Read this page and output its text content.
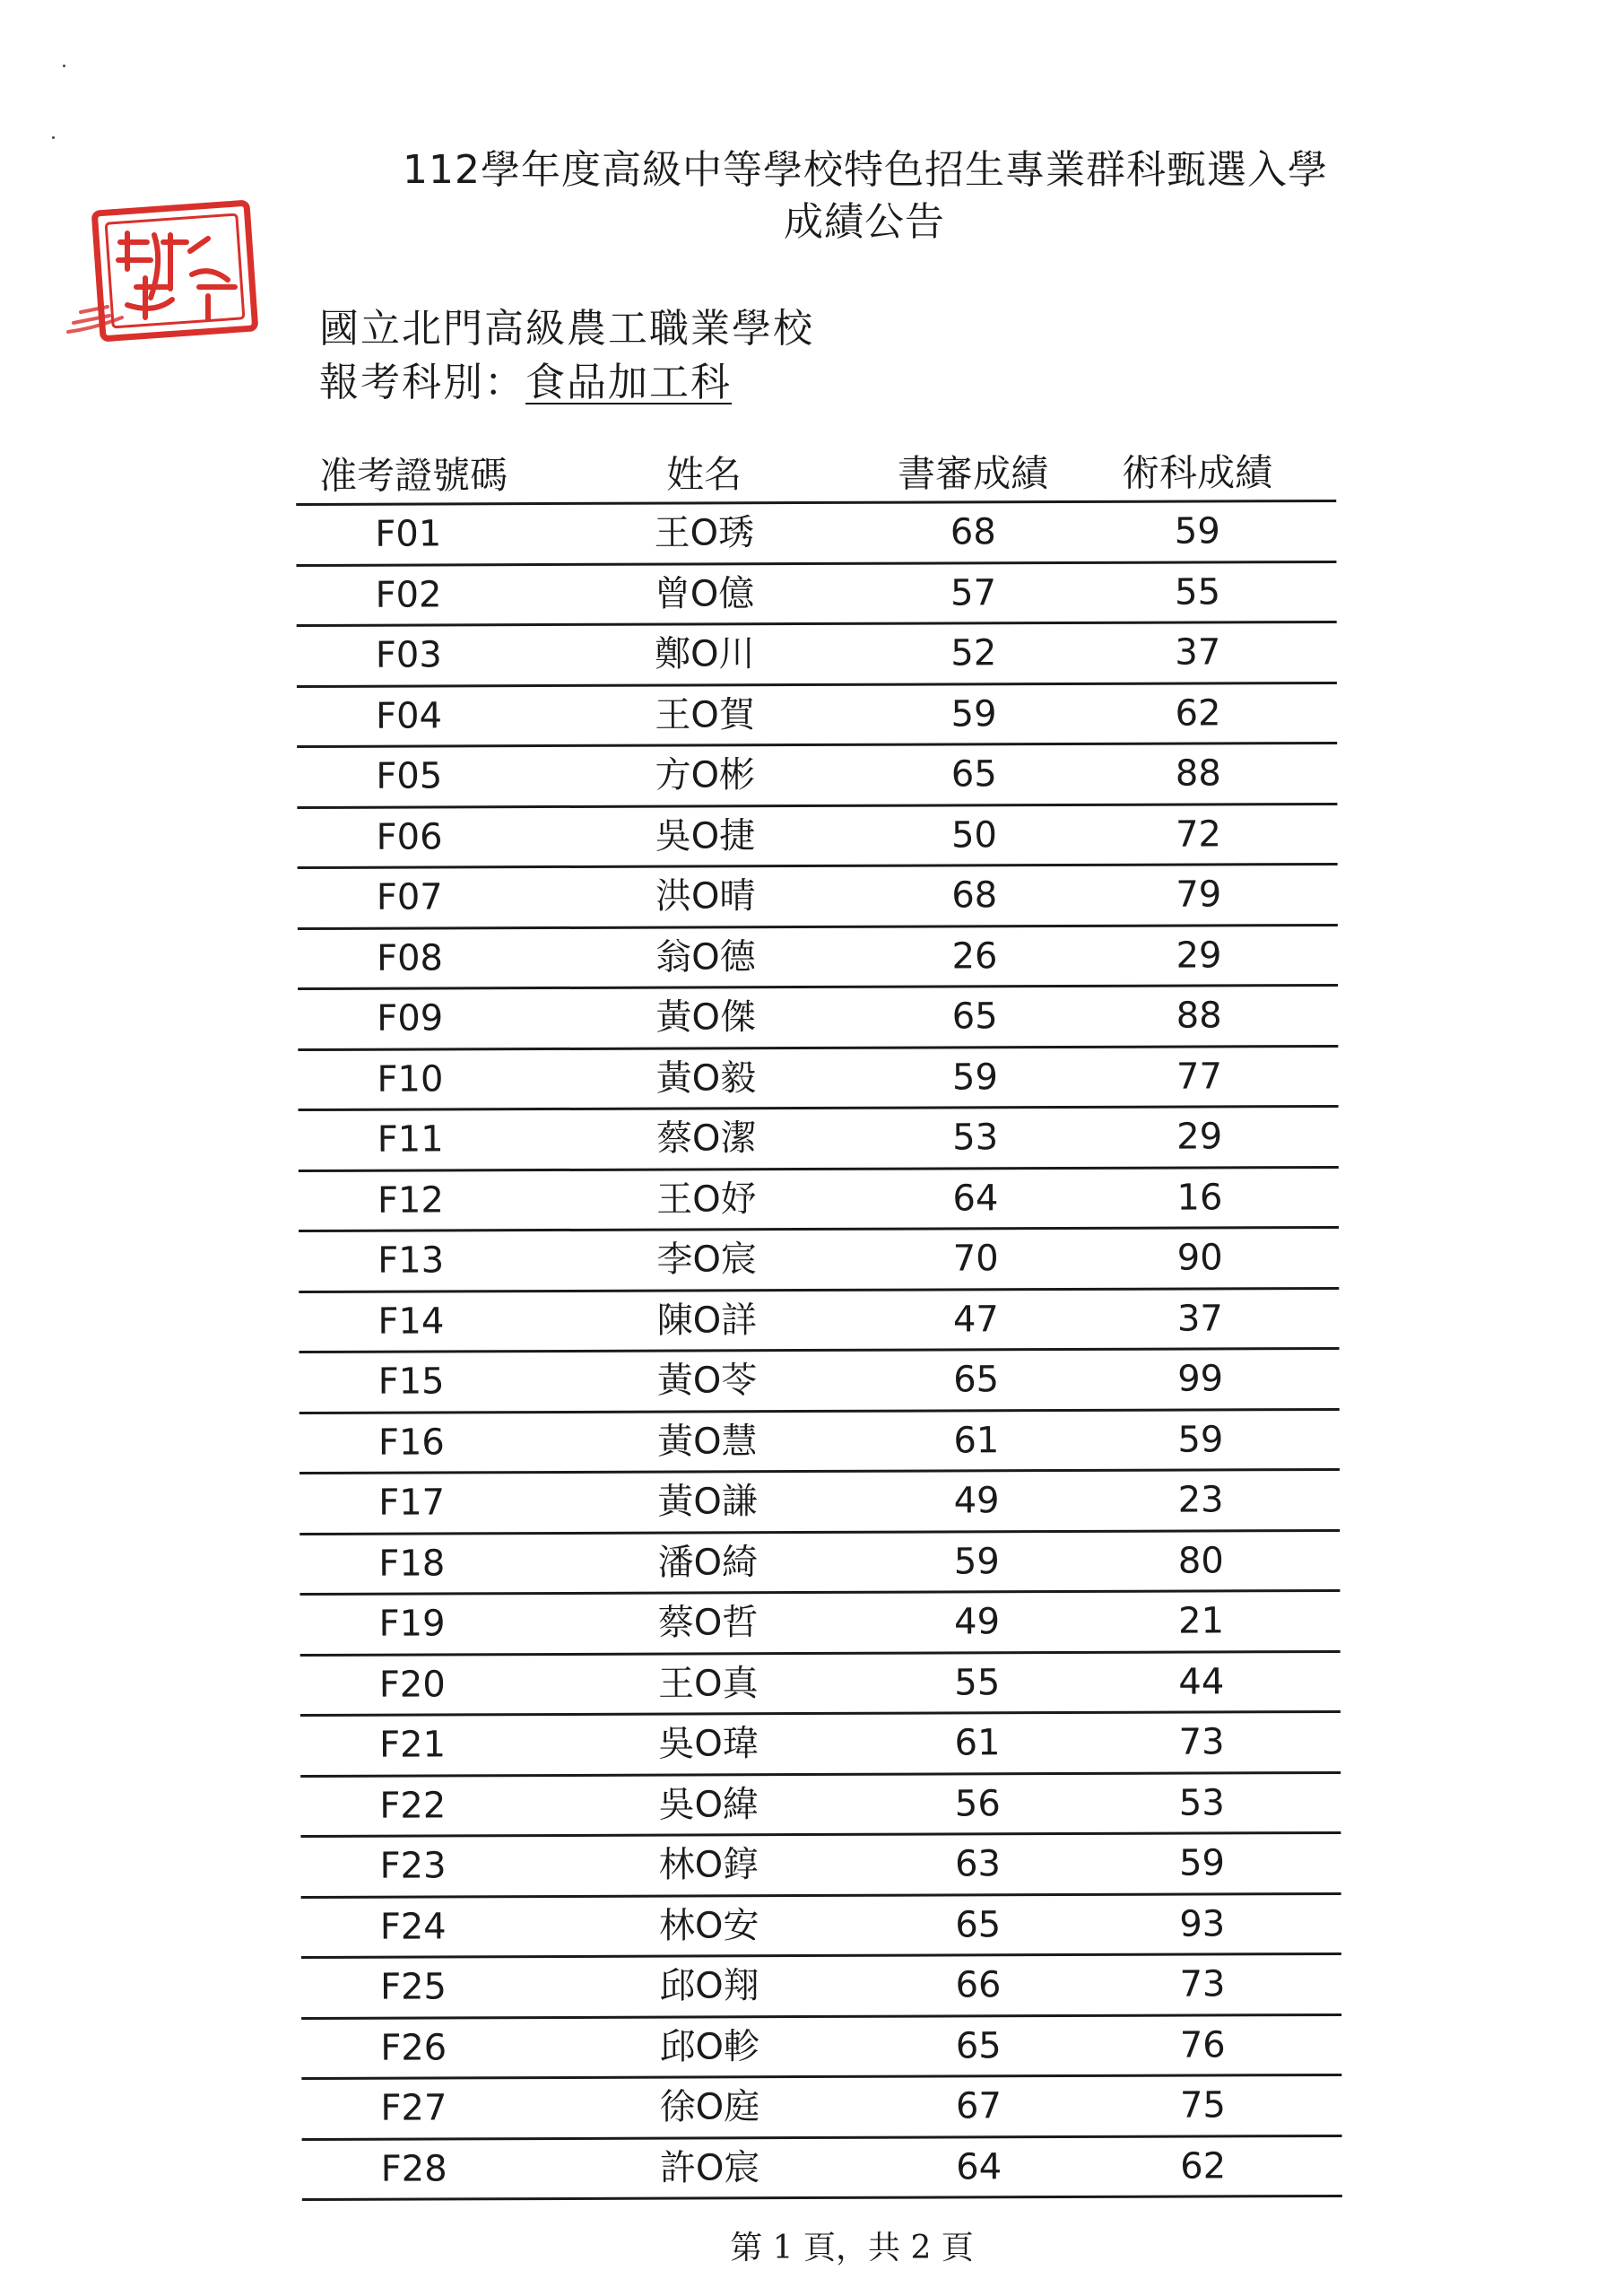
112學年度高級中等學校特色招生專業群科甄選入學
成績公告
國立北門高級農工職業學校
報考科別：食品加工科
准考證號碼	姓名	書審成績	術科成績
F01	王O琇	68	59
F02	曾O億	57	55
F03	鄭O川	52	37
F04	王O賀	59	62
F05	方O彬	65	88
F06	吳O捷	50	72
F07	洪O晴	68	79
F08	翁O德	26	29
F09	黃O傑	65	88
F10	黃O毅	59	77
F11	蔡O潔	53	29
F12	王O妤	64	16
F13	李O宸	70	90
F14	陳O詳	47	37
F15	黃O苓	65	99
F16	黃O慧	61	59
F17	黃O謙	49	23
F18	潘O綺	59	80
F19	蔡O哲	49	21
F20	王O真	55	44
F21	吳O瑋	61	73
F22	吳O緯	56	53
F23	林O錞	63	59
F24	林O安	65	93
F25	邱O翔	66	73
F26	邱O軫	65	76
F27	徐O庭	67	75
F28	許O宸	64	62
第 1 頁，共 2 頁
